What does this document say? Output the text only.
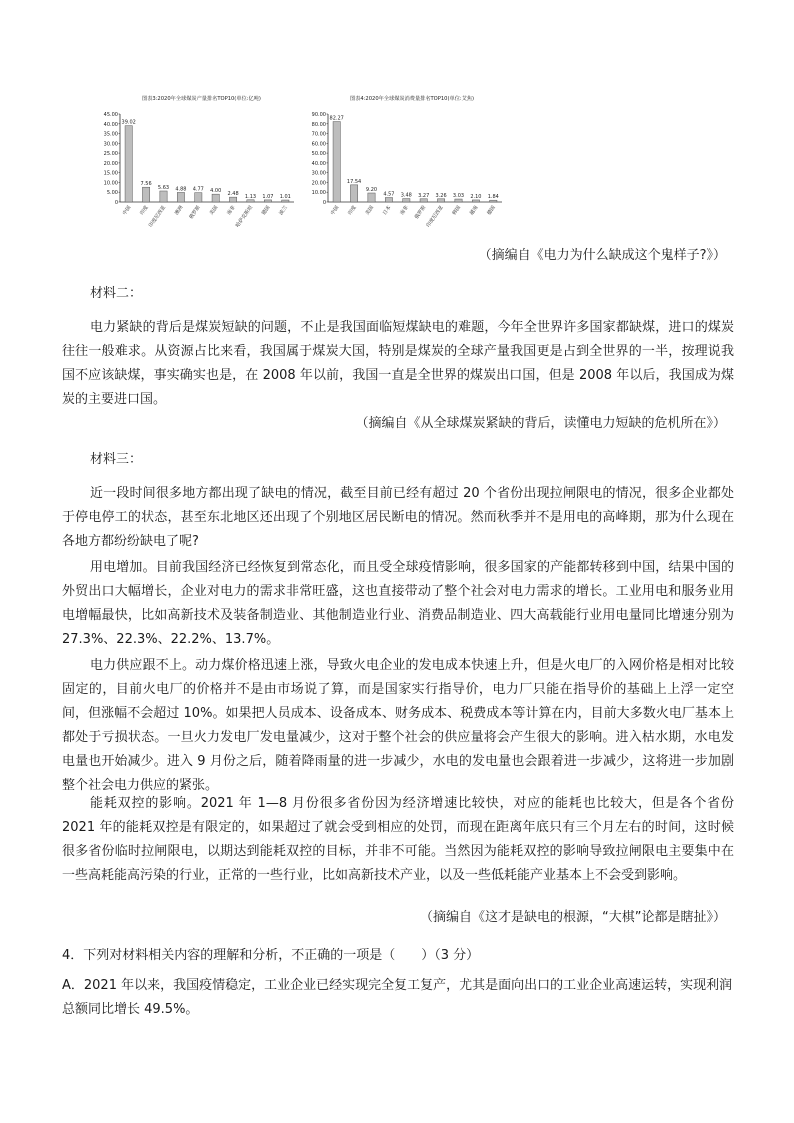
图表3:2020年全球煤炭产量排名TOP10(单位:亿吨)
0
5.00
10.00
15.00
20.00
25.00
30.00
35.00
40.00
45.00
39.02
中国
7.56
印度
5.63
印度尼西亚
4.88
澳洲
4.77
俄罗斯
4.00
美国
2.48
南非
1.13
哈萨克斯坦
1.07
德国
1.01
波兰
图表4:2020年全球煤炭消费量排名TOP10(单位:艾焦)
0
10.00
20.00
30.00
40.00
50.00
60.00
70.00
80.00
90.00
82.27
中国
17.54
印度
9.20
美国
4.57
日本
3.48
南非
3.27
俄罗斯
3.26
印度尼西亚
3.03
韩国
2.10
越南
1.84
德国
（摘编自《电力为什么缺成这个鬼样子?》）
材料二：
电力紧缺的背后是煤炭短缺的问题，不止是我国面临短煤缺电的难题，今年全世界许多国家都缺煤，进口的煤炭往往一般难求。从资源占比来看，我国属于煤炭大国，特别是煤炭的全球产量我国更是占到全世界的一半，按理说我国不应该缺煤，事实确实也是，在 2008 年以前，我国一直是全世界的煤炭出口国，但是 2008 年以后，我国成为煤炭的主要进口国。
（摘编自《从全球煤炭紧缺的背后，读懂电力短缺的危机所在》）
材料三：
近一段时间很多地方都出现了缺电的情况，截至目前已经有超过 20 个省份出现拉闸限电的情况，很多企业都处于停电停工的状态，甚至东北地区还出现了个别地区居民断电的情况。然而秋季并不是用电的高峰期，那为什么现在各地方都纷纷缺电了呢?
用电增加。目前我国经济已经恢复到常态化，而且受全球疫情影响，很多国家的产能都转移到中国，结果中国的外贸出口大幅增长，企业对电力的需求非常旺盛，这也直接带动了整个社会对电力需求的增长。工业用电和服务业用电增幅最快，比如高新技术及装备制造业、其他制造业行业、消费品制造业、四大高载能行业用电量同比增速分别为 27.3%、22.3%、22.2%、13.7%。
电力供应跟不上。动力煤价格迅速上涨，导致火电企业的发电成本快速上升，但是火电厂的入网价格是相对比较固定的，目前火电厂的价格并不是由市场说了算，而是国家实行指导价，电力厂只能在指导价的基础上上浮一定空间，但涨幅不会超过 10%。如果把人员成本、设备成本、财务成本、税费成本等计算在内，目前大多数火电厂基本上都处于亏损状态。一旦火力发电厂发电量减少，这对于整个社会的供应量将会产生很大的影响。进入枯水期，水电发电量也开始减少。进入 9 月份之后，随着降雨量的进一步减少，水电的发电量也会跟着进一步减少，这将进一步加剧整个社会电力供应的紧张。
能耗双控的影响。2021 年 1—8 月份很多省份因为经济增速比较快，对应的能耗也比较大，但是各个省份 2021 年的能耗双控是有限定的，如果超过了就会受到相应的处罚，而现在距离年底只有三个月左右的时间，这时候很多省份临时拉闸限电，以期达到能耗双控的目标，并非不可能。当然因为能耗双控的影响导致拉闸限电主要集中在一些高耗能高污染的行业，正常的一些行业，比如高新技术产业，以及一些低耗能产业基本上不会受到影响。
（摘编自《这才是缺电的根源，“大棋”论都是瞎扯》）
4．下列对材料相关内容的理解和分析，不正确的一项是（　　）（3 分）
A．2021 年以来，我国疫情稳定，工业企业已经实现完全复工复产，尤其是面向出口的工业企业高速运转，实现利润总额同比增长 49.5%。
